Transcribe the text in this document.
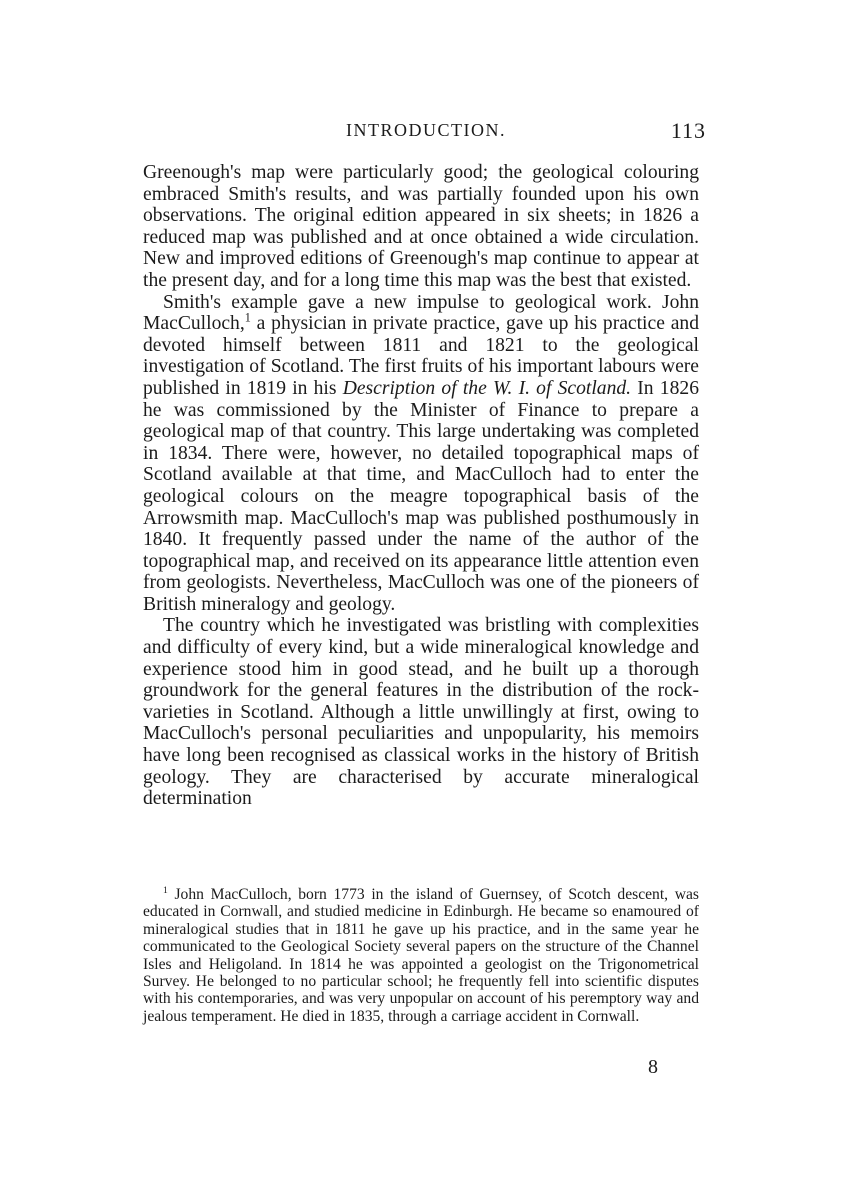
INTRODUCTION.	113

Greenough's map were particularly good; the geological colouring embraced Smith's results, and was partially founded upon his own observations. The original edition appeared in six sheets; in 1826 a reduced map was published and at once obtained a wide circulation. New and improved editions of Greenough's map continue to appear at the present day, and for a long time this map was the best that existed.

Smith's example gave a new impulse to geological work. John MacCulloch,$^1$ a physician in private practice, gave up his practice and devoted himself between 1811 and 1821 to the geological investigation of Scotland. The first fruits of his important labours were published in 1819 in his Description of the W. I. of Scotland. In 1826 he was commissioned by the Minister of Finance to prepare a geological map of that country. This large undertaking was completed in 1834. There were, however, no detailed topographical maps of Scotland available at that time, and MacCulloch had to enter the geological colours on the meagre topographical basis of the Arrowsmith map. MacCulloch's map was published posthumously in 1840. It frequently passed under the name of the author of the topographical map, and received on its appearance little attention even from geologists. Nevertheless, MacCulloch was one of the pioneers of British mineralogy and geology.

The country which he investigated was bristling with complexities and difficulty of every kind, but a wide mineralogical knowledge and experience stood him in good stead, and he built up a thorough groundwork for the general features in the distribution of the rock-varieties in Scotland. Although a little unwillingly at first, owing to MacCulloch's personal peculiarities and unpopularity, his memoirs have long been recognised as classical works in the history of British geology. They are characterised by accurate mineralogical determination

$^1$ John MacCulloch, born 1773 in the island of Guernsey, of Scotch descent, was educated in Cornwall, and studied medicine in Edinburgh. He became so enamoured of mineralogical studies that in 1811 he gave up his practice, and in the same year he communicated to the Geological Society several papers on the structure of the Channel Isles and Heligoland. In 1814 he was appointed a geologist on the Trigonometrical Survey. He belonged to no particular school; he frequently fell into scientific disputes with his contemporaries, and was very unpopular on account of his peremptory way and jealous temperament. He died in 1835, through a carriage accident in Cornwall.

8
